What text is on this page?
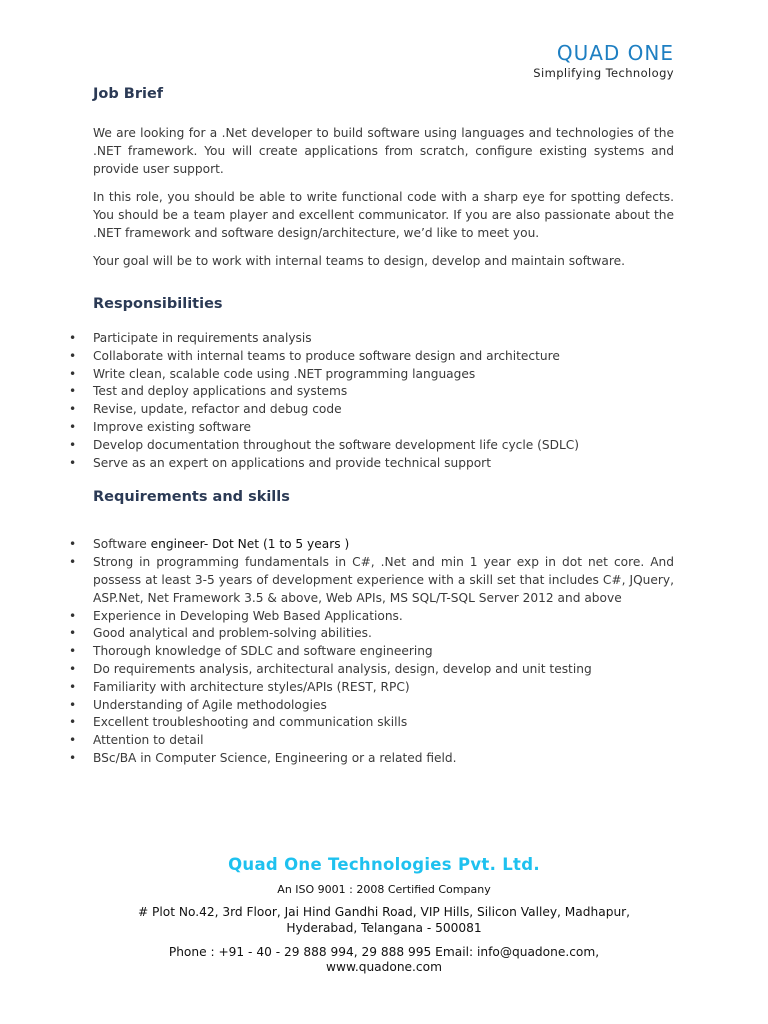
QUAD ONE
Simplifying Technology
Job Brief

We are looking for a .Net developer to build software using languages and technologies of the .NET framework. You will create applications from scratch, configure existing systems and provide user support.

In this role, you should be able to write functional code with a sharp eye for spotting defects. You should be a team player and excellent communicator. If you are also passionate about the .NET framework and software design/architecture, we’d like to meet you.

Your goal will be to work with internal teams to design, develop and maintain software.

Responsibilities
• Participate in requirements analysis
• Collaborate with internal teams to produce software design and architecture
• Write clean, scalable code using .NET programming languages
• Test and deploy applications and systems
• Revise, update, refactor and debug code
• Improve existing software
• Develop documentation throughout the software development life cycle (SDLC)
• Serve as an expert on applications and provide technical support
Requirements and skills
• Software engineer- Dot Net (1 to 5 years )
• Strong in programming fundamentals in C#, .Net and min 1 year exp in dot net core. And possess at least 3-5 years of development experience with a skill set that includes C#, JQuery, ASP.Net, Net Framework 3.5 & above, Web APIs, MS SQL/T-SQL Server 2012 and above
• Experience in Developing Web Based Applications.
• Good analytical and problem-solving abilities.
• Thorough knowledge of SDLC and software engineering
• Do requirements analysis, architectural analysis, design, develop and unit testing
• Familiarity with architecture styles/APIs (REST, RPC)
• Understanding of Agile methodologies
• Excellent troubleshooting and communication skills
• Attention to detail
• BSc/BA in Computer Science, Engineering or a related field.
Quad One Technologies Pvt. Ltd.
An ISO 9001 : 2008 Certified Company
# Plot No.42, 3rd Floor, Jai Hind Gandhi Road, VIP Hills, Silicon Valley, Madhapur,
Hyderabad, Telangana - 500081
Phone : +91 - 40 - 29 888 994, 29 888 995 Email: info@quadone.com,
www.quadone.com
